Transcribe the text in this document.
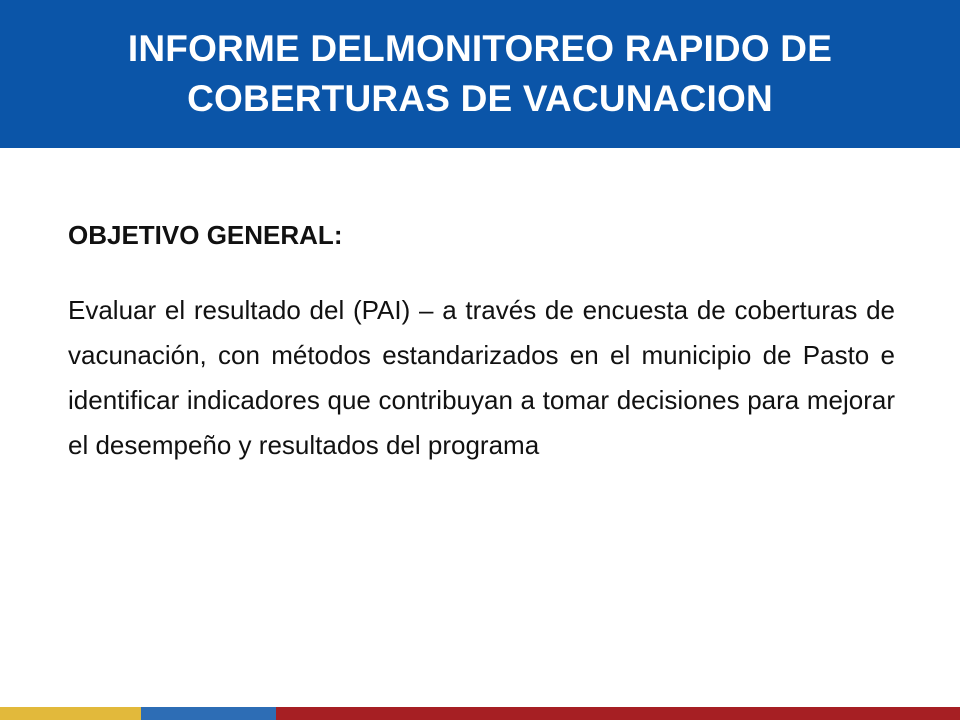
INFORME DELMONITOREO RAPIDO DE
COBERTURAS DE VACUNACION

OBJETIVO GENERAL:

Evaluar el resultado del (PAI) – a través de encuesta de coberturas de vacunación, con métodos estandarizados en el municipio de Pasto e identificar indicadores que contribuyan a tomar decisiones para mejorar el desempeño y resultados del programa
